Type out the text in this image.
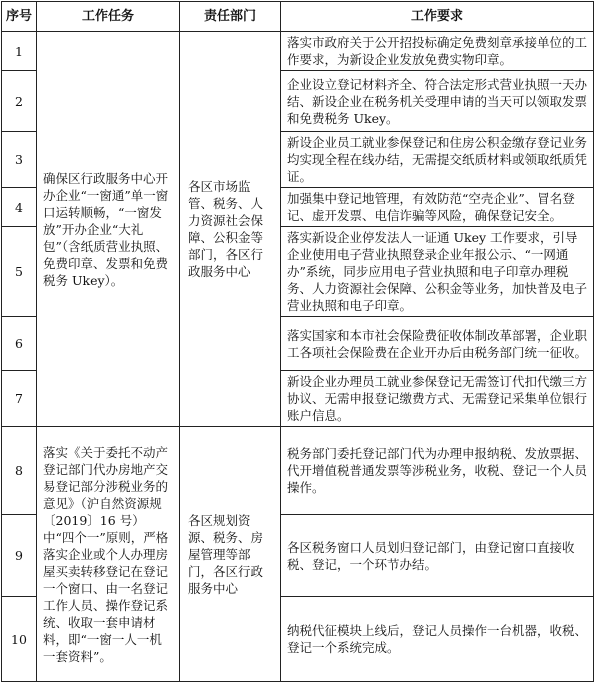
序号	工作任务	责任部门	工作要求
1	确保区行政服务中心开办企业“一窗通”单一窗口运转顺畅，“一窗发放”开办企业“大礼包”（含纸质营业执照、免费印章、发票和免费税务 Ukey）。	各区市场监管、税务、人力资源社会保障、公积金等部门，各区行政服务中心	落实市政府关于公开招投标确定免费刻章承接单位的工作要求，为新设企业发放免费实物印章。
2			企业设立登记材料齐全、符合法定形式营业执照一天办结、新设企业在税务机关受理申请的当天可以领取发票和免费税务 Ukey。
3			新设企业员工就业参保登记和住房公积金缴存登记业务均实现全程在线办结，无需提交纸质材料或领取纸质凭证。
4			加强集中登记地管理，有效防范“空壳企业”、冒名登记、虚开发票、电信诈骗等风险，确保登记安全。
5			落实新设企业停发法人一证通 Ukey 工作要求，引导企业使用电子营业执照登录企业年报公示、“一网通办”系统，同步应用电子营业执照和电子印章办理税务、人力资源社会保障、公积金等业务，加快普及电子营业执照和电子印章。
6			落实国家和本市社会保险费征收体制改革部署，企业职工各项社会保险费在企业开办后由税务部门统一征收。
7			新设企业办理员工就业参保登记无需签订代扣代缴三方协议、无需申报登记缴费方式、无需登记采集单位银行账户信息。
8	落实《关于委托不动产登记部门代办房地产交易登记部分涉税业务的意见》（沪自然资源规〔2019〕16 号）中“四个一”原则，严格落实企业或个人办理房屋买卖转移登记在登记一个窗口、由一名登记工作人员、操作登记系统、收取一套申请材料，即“一窗一人一机一套资料”。	各区规划资源、税务、房屋管理等部门，各区行政服务中心	税务部门委托登记部门代为办理申报纳税、发放票据、代开增值税普通发票等涉税业务，收税、登记一个人员操作。
9			各区税务窗口人员划归登记部门，由登记窗口直接收税、登记，一个环节办结。
10			纳税代征模块上线后，登记人员操作一台机器，收税、登记一个系统完成。
